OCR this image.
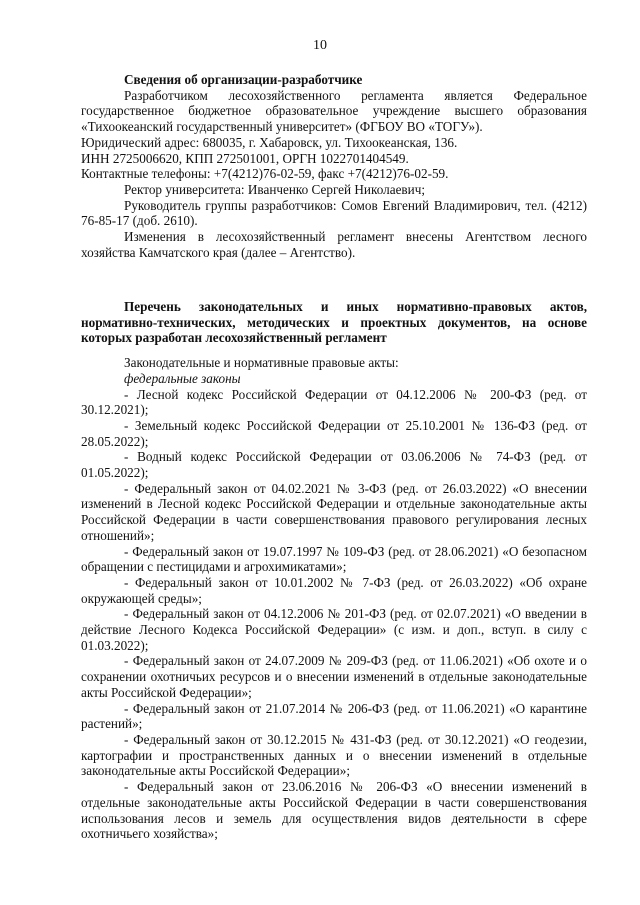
10

Сведения об организации-разработчике

Разработчиком лесохозяйственного регламента является Федеральное государственное бюджетное образовательное учреждение высшего образования «Тихоокеанский государственный университет» (ФГБОУ ВО «ТОГУ»).

Юридический адрес: 680035, г. Хабаровск, ул. Тихоокеанская, 136.

ИНН 2725006620, КПП 272501001, ОРГН 1022701404549.

Контактные телефоны: +7(4212)76-02-59, факс +7(4212)76-02-59.

Ректор университета: Иванченко Сергей Николаевич;

Руководитель группы разработчиков: Сомов Евгений Владимирович, тел. (4212) 76-85-17 (доб. 2610).

Изменения в лесохозяйственный регламент внесены Агентством лесного хозяйства Камчатского края (далее – Агентство).

Перечень законодательных и иных нормативно-правовых актов, нормативно-технических, методических и проектных документов, на основе которых разработан лесохозяйственный регламент

Законодательные и нормативные правовые акты:

федеральные законы

- Лесной кодекс Российской Федерации от 04.12.2006 № 200-ФЗ (ред. от 30.12.2021);

- Земельный кодекс Российской Федерации от 25.10.2001 № 136-ФЗ (ред. от 28.05.2022);

- Водный кодекс Российской Федерации от 03.06.2006 № 74-ФЗ (ред. от 01.05.2022);

- Федеральный закон от 04.02.2021 № 3-ФЗ (ред. от 26.03.2022) «О внесении изменений в Лесной кодекс Российской Федерации и отдельные законодательные акты Российской Федерации в части совершенствования правового регулирования лесных отношений»;

- Федеральный закон от 19.07.1997 № 109-ФЗ (ред. от 28.06.2021) «О безопасном обращении с пестицидами и агрохимикатами»;

- Федеральный закон от 10.01.2002 № 7-ФЗ (ред. от 26.03.2022) «Об охране окружающей среды»;

- Федеральный закон от 04.12.2006 № 201-ФЗ (ред. от 02.07.2021) «О введении в действие Лесного Кодекса Российской Федерации» (с изм. и доп., вступ. в силу с 01.03.2022);

- Федеральный закон от 24.07.2009 № 209-ФЗ (ред. от 11.06.2021) «Об охоте и о сохранении охотничьих ресурсов и о внесении изменений в отдельные законодательные акты Российской Федерации»;

- Федеральный закон от 21.07.2014 № 206-ФЗ (ред. от 11.06.2021) «О карантине растений»;

- Федеральный закон от 30.12.2015 № 431-ФЗ (ред. от 30.12.2021) «О геодезии, картографии и пространственных данных и о внесении изменений в отдельные законодательные акты Российской Федерации»;

- Федеральный закон от 23.06.2016 № 206-ФЗ «О внесении изменений в отдельные законодательные акты Российской Федерации в части совершенствования использования лесов и земель для осуществления видов деятельности в сфере охотничьего хозяйства»;
